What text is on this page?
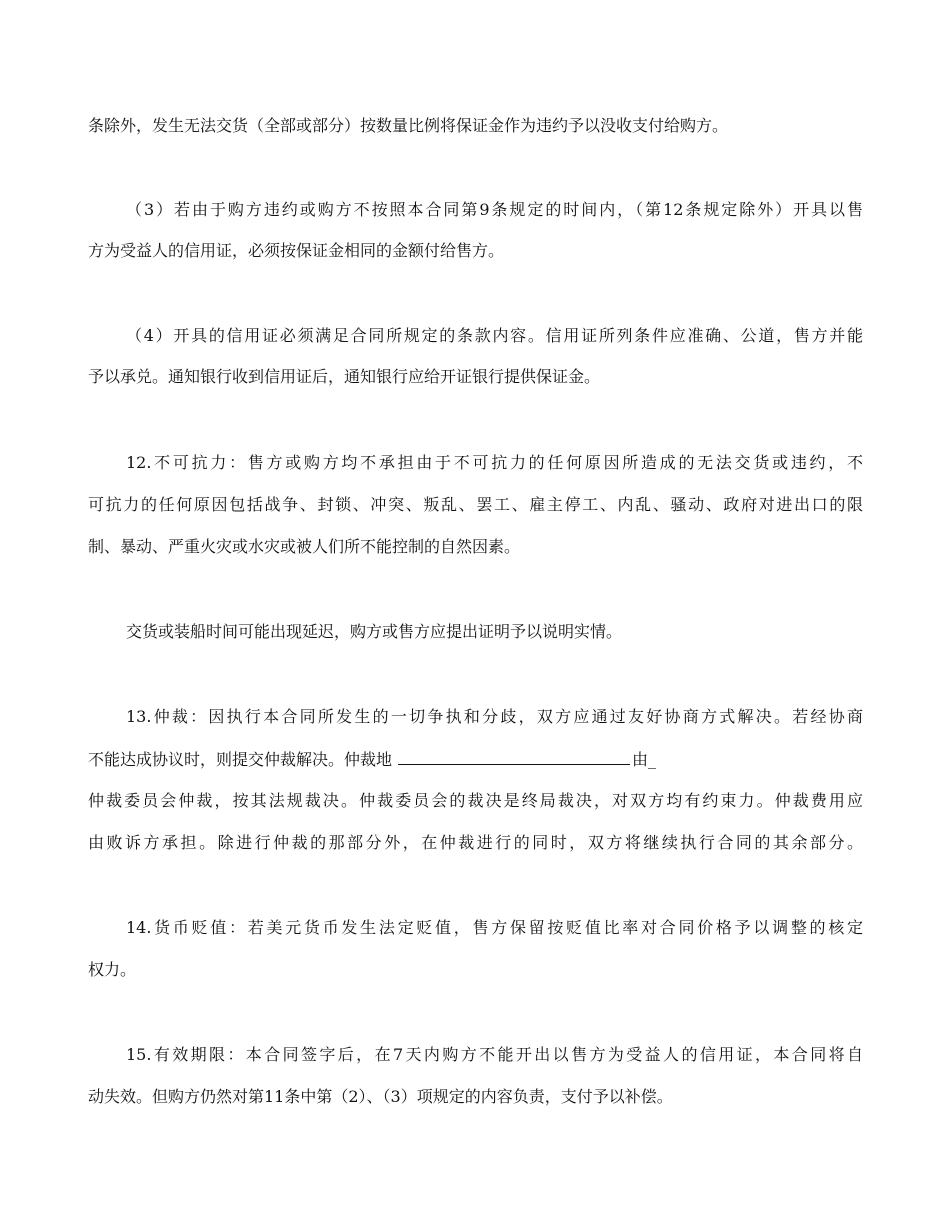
条除外，发生无法交货（全部或部分）按数量比例将保证金作为违约予以没收支付给购方。
（3）若由于购方违约或购方不按照本合同第9条规定的时间内，（第12条规定除外）开具以售
方为受益人的信用证，必须按保证金相同的金额付给售方。
（4）开具的信用证必须满足合同所规定的条款内容。信用证所列条件应准确、公道，售方并能
予以承兑。通知银行收到信用证后，通知银行应给开证银行提供保证金。
12.不可抗力：售方或购方均不承担由于不可抗力的任何原因所造成的无法交货或违约，不
可抗力的任何原因包括战争、封锁、冲突、叛乱、罢工、雇主停工、内乱、骚动、政府对进出口的限
制、暴动、严重火灾或水灾或被人们所不能控制的自然因素。
交货或装船时间可能出现延迟，购方或售方应提出证明予以说明实情。
13.仲裁：因执行本合同所发生的一切争执和分歧，双方应通过友好协商方式解决。若经协商
不能达成协议时，则提交仲裁解决。仲裁地	由_
仲裁委员会仲裁，按其法规裁决。仲裁委员会的裁决是终局裁决，对双方均有约束力。仲裁费用应
由败诉方承担。除进行仲裁的那部分外，在仲裁进行的同时，双方将继续执行合同的其余部分。
14.货币贬值：若美元货币发生法定贬值，售方保留按贬值比率对合同价格予以调整的核定
权力。
15.有效期限：本合同签字后，在7天内购方不能开出以售方为受益人的信用证，本合同将自
动失效。但购方仍然对第11条中第（2）、（3）项规定的内容负责，支付予以补偿。
